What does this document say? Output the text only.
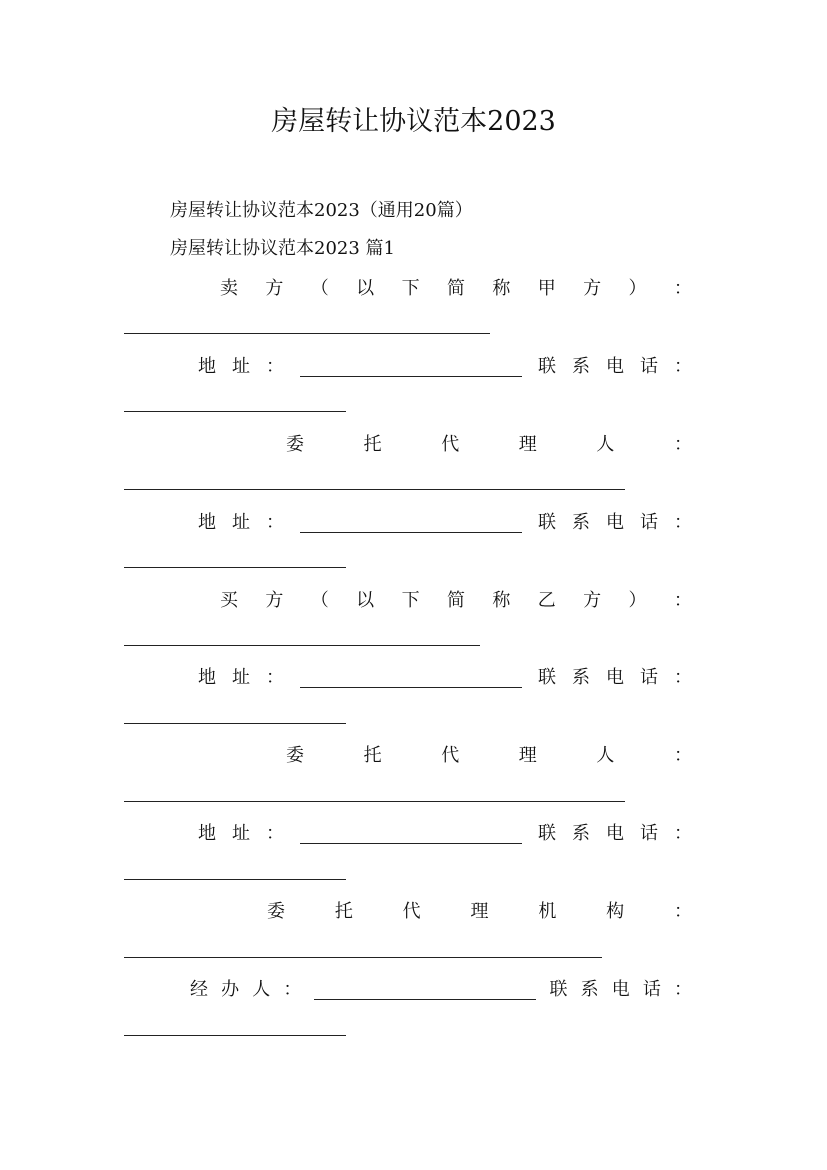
房屋转让协议范本2023
房屋转让协议范本2023（通用20篇）
房屋转让协议范本2023 篇1
卖 方 （ 以 下 简 称 甲 方 ） ：
地 址 ：	联 系 电 话 ：
委	托	代	理	人	：
地 址 ：	联 系 电 话 ：
买 方 （ 以 下 简 称 乙 方 ） ：
地 址 ：	联 系 电 话 ：
委	托	代	理	人	：
地 址 ：	联 系 电 话 ：
委	托	代	理	机	构	：
经 办 人 ：	联 系 电 话 ：
